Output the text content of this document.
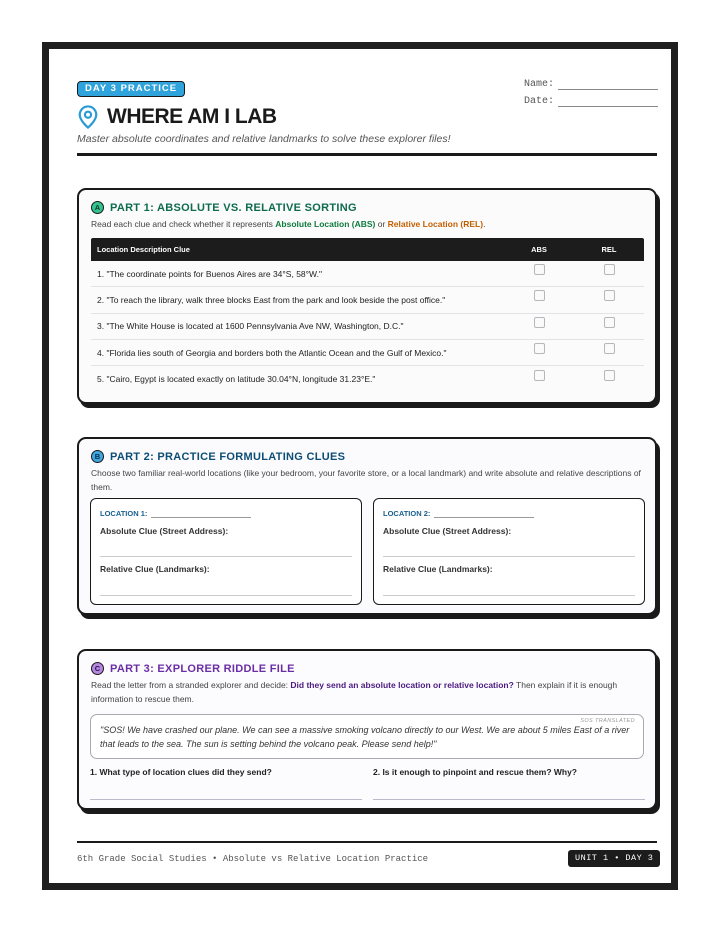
DAY 3 PRACTICE	Name:
Date:
WHERE AM I LAB
Master absolute coordinates and relative landmarks to solve these explorer files!
A PART 1: ABSOLUTE VS. RELATIVE SORTING
Read each clue and check whether it represents Absolute Location (ABS) or Relative Location (REL).
Location Description Clue	ABS	REL
1. "The coordinate points for Buenos Aires are 34°S, 58°W."
2. "To reach the library, walk three blocks East from the park and look beside the post office."
3. "The White House is located at 1600 Pennsylvania Ave NW, Washington, D.C."
4. "Florida lies south of Georgia and borders both the Atlantic Ocean and the Gulf of Mexico."
5. "Cairo, Egypt is located exactly on latitude 30.04°N, longitude 31.23°E."
B PART 2: PRACTICE FORMULATING CLUES
Choose two familiar real-world locations (like your bedroom, your favorite store, or a local landmark) and write absolute and relative descriptions of them.
LOCATION 1:
Absolute Clue (Street Address):
Relative Clue (Landmarks):
LOCATION 2:
Absolute Clue (Street Address):
Relative Clue (Landmarks):
C PART 3: EXPLORER RIDDLE FILE
Read the letter from a stranded explorer and decide: Did they send an absolute location or relative location? Then explain if it is enough information to rescue them.
SOS TRANSLATED
"SOS! We have crashed our plane. We can see a massive smoking volcano directly to our West. We are about 5 miles East of a river that leads to the sea. The sun is setting behind the volcano peak. Please send help!"
1. What type of location clues did they send?	2. Is it enough to pinpoint and rescue them? Why?
6th Grade Social Studies • Absolute vs Relative Location Practice	UNIT 1 • DAY 3
